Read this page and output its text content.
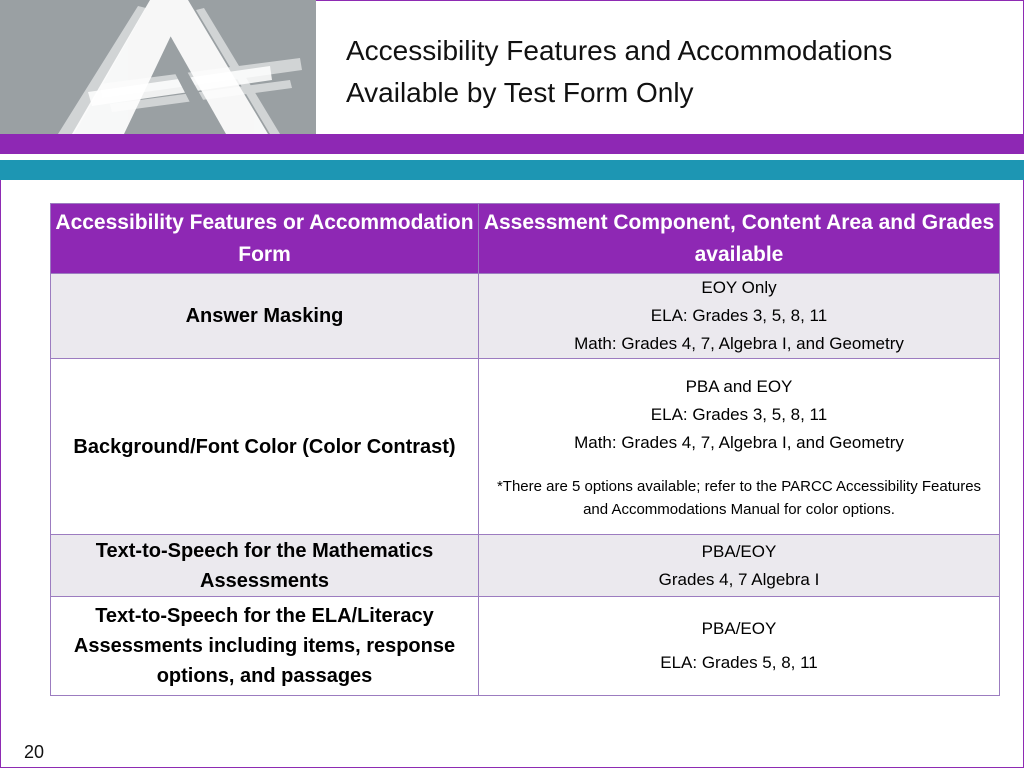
Accessibility Features and Accommodations
Available by Test Form Only
Accessibility Features or Accommodation Form	Assessment Component, Content Area and Grades available
Answer Masking	EOY Only
ELA: Grades 3, 5, 8, 11
Math: Grades 4, 7, Algebra I, and Geometry

Background/Font Color (Color Contrast)	PBA and EOY
ELA: Grades 3, 5, 8, 11
Math: Grades 4, 7, Algebra I, and Geometry
*There are 5 options available; refer to the PARCC Accessibility Features and Accommodations Manual for color options.

Text-to-Speech for the Mathematics Assessments	PBA/EOY
Grades 4, 7 Algebra I

Text-to-Speech for the ELA/Literacy Assessments including items, response options, and passages	PBA/EOY
ELA: Grades 5, 8, 11
20
